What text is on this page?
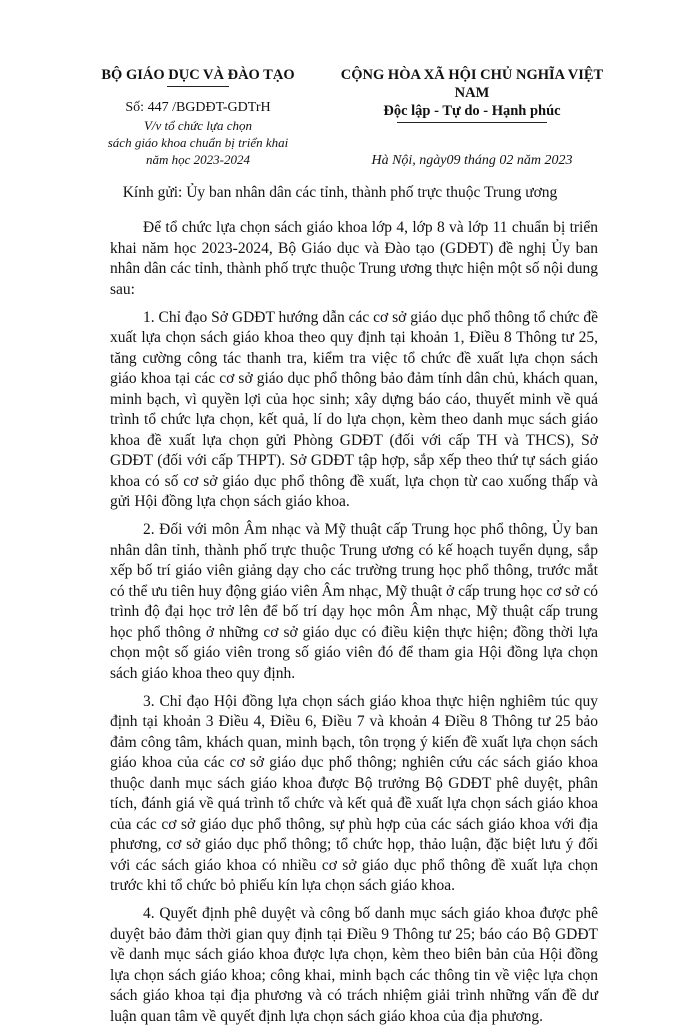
BỘ GIÁO DỤC VÀ ĐÀO TẠO
Số: 447 /BGDĐT-GDTrH
V/v tổ chức lựa chọn
sách giáo khoa chuẩn bị triển khai
năm học 2023-2024
CỘNG HÒA XÃ HỘI CHỦ NGHĨA VIỆT NAM
Độc lập - Tự do - Hạnh phúc
Hà Nội, ngày09 tháng 02 năm 2023
Kính gửi: Ủy ban nhân dân các tỉnh, thành phố trực thuộc Trung ương

Để tổ chức lựa chọn sách giáo khoa lớp 4, lớp 8 và lớp 11 chuẩn bị triển khai năm học 2023-2024, Bộ Giáo dục và Đào tạo (GDĐT) đề nghị Ủy ban nhân dân các tỉnh, thành phố trực thuộc Trung ương thực hiện một số nội dung sau:

1. Chỉ đạo Sở GDĐT hướng dẫn các cơ sở giáo dục phổ thông tổ chức đề xuất lựa chọn sách giáo khoa theo quy định tại khoản 1, Điều 8 Thông tư 25, tăng cường công tác thanh tra, kiểm tra việc tổ chức đề xuất lựa chọn sách giáo khoa tại các cơ sở giáo dục phổ thông bảo đảm tính dân chủ, khách quan, minh bạch, vì quyền lợi của học sinh; xây dựng báo cáo, thuyết minh về quá trình tổ chức lựa chọn, kết quả, lí do lựa chọn, kèm theo danh mục sách giáo khoa đề xuất lựa chọn gửi Phòng GDĐT (đối với cấp TH và THCS), Sở GDĐT (đối với cấp THPT). Sở GDĐT tập hợp, sắp xếp theo thứ tự sách giáo khoa có số cơ sở giáo dục phổ thông đề xuất, lựa chọn từ cao xuống thấp và gửi Hội đồng lựa chọn sách giáo khoa.

2. Đối với môn Âm nhạc và Mỹ thuật cấp Trung học phổ thông, Ủy ban nhân dân tỉnh, thành phố trực thuộc Trung ương có kế hoạch tuyển dụng, sắp xếp bố trí giáo viên giảng dạy cho các trường trung học phổ thông, trước mắt có thể ưu tiên huy động giáo viên Âm nhạc, Mỹ thuật ở cấp trung học cơ sở có trình độ đại học trở lên để bố trí dạy học môn Âm nhạc, Mỹ thuật cấp trung học phổ thông ở những cơ sở giáo dục có điều kiện thực hiện; đồng thời lựa chọn một số giáo viên trong số giáo viên đó để tham gia Hội đồng lựa chọn sách giáo khoa theo quy định.

3. Chỉ đạo Hội đồng lựa chọn sách giáo khoa thực hiện nghiêm túc quy định tại khoản 3 Điều 4, Điều 6, Điều 7 và khoản 4 Điều 8 Thông tư 25 bảo đảm công tâm, khách quan, minh bạch, tôn trọng ý kiến đề xuất lựa chọn sách giáo khoa của các cơ sở giáo dục phổ thông; nghiên cứu các sách giáo khoa thuộc danh mục sách giáo khoa được Bộ trưởng Bộ GDĐT phê duyệt, phân tích, đánh giá về quá trình tổ chức và kết quả đề xuất lựa chọn sách giáo khoa của các cơ sở giáo dục phổ thông, sự phù hợp của các sách giáo khoa với địa phương, cơ sở giáo dục phổ thông; tổ chức họp, thảo luận, đặc biệt lưu ý đối với các sách giáo khoa có nhiều cơ sở giáo dục phổ thông đề xuất lựa chọn trước khi tổ chức bỏ phiếu kín lựa chọn sách giáo khoa.

4. Quyết định phê duyệt và công bố danh mục sách giáo khoa được phê duyệt bảo đảm thời gian quy định tại Điều 9 Thông tư 25; báo cáo Bộ GDĐT về danh mục sách giáo khoa được lựa chọn, kèm theo biên bản của Hội đồng lựa chọn sách giáo khoa; công khai, minh bạch các thông tin về việc lựa chọn sách giáo khoa tại địa phương và có trách nhiệm giải trình những vấn đề dư luận quan tâm về quyết định lựa chọn sách giáo khoa của địa phương.
